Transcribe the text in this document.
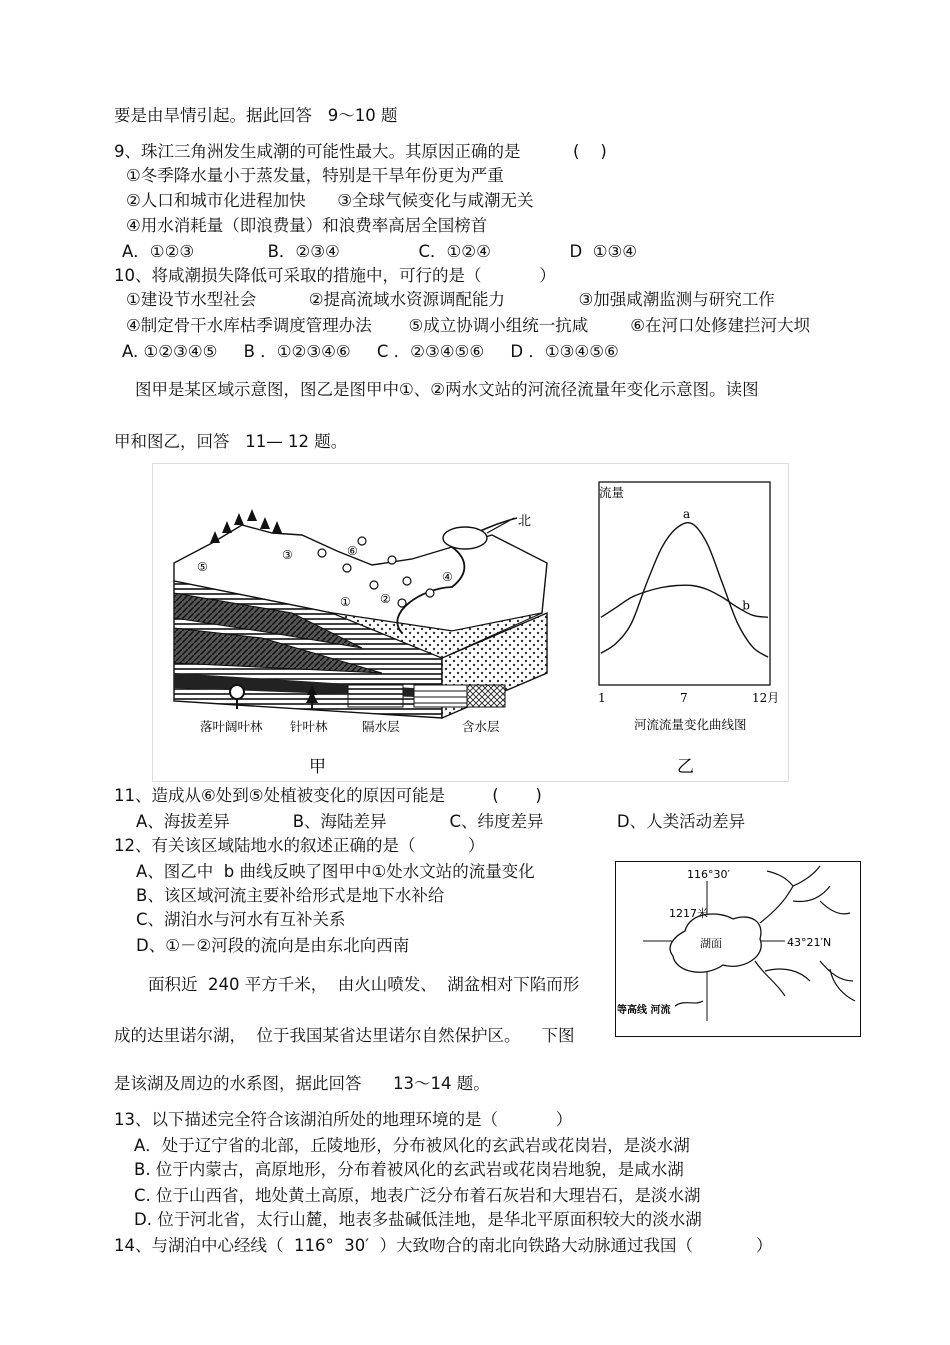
要是由旱情引起。据此回答   9～10 题
9、珠江三角洲发生咸潮的可能性最大。其原因正确的是          (    )
①冬季降水量小于蒸发量，特别是干旱年份更为严重
②人口和城市化进程加快      ③全球气候变化与咸潮无关
④用水消耗量（即浪费量）和浪费率高居全国榜首
A．①②③              B．②③④               C．①②④               D  ①③④
10、将咸潮损失降低可采取的措施中，可行的是（           ）
①建设节水型社会          ②提高流域水资源调配能力              ③加强咸潮监测与研究工作
④制定骨干水库枯季调度管理办法       ⑤成立协调小组统一抗咸        ⑥在河口处修建拦河大坝
A. ①②③④⑤     B ．①②③④⑥     C ．②③④⑤⑥     D ．①③④⑤⑥
图甲是某区域示意图，图乙是图甲中①、②两水文站的河流径流量年变化示意图。读图
甲和图乙，回答   11— 12 题。
北
① ②
③
④
⑤
⑥
落叶阔叶林 针叶林	隔水层	含水层
甲
流量
a
b
1	7	12月
河流流量变化曲线图
乙
11、造成从⑥处到⑤处植被变化的原因可能是         (       )
A、海拔差异            B、海陆差异            C、纬度差异              D、人类活动差异
12、有关该区域陆地水的叙述正确的是（          ）
A、图乙中  b 曲线反映了图甲中①处水文站的流量变化
B、该区域河流主要补给形式是地下水补给
C、湖泊水与河水有互补关系
D、①－②河段的流向是由东北向西南
面积近  240 平方千米，  由火山喷发、  湖盆相对下陷而形
成的达里诺尔湖，  位于我国某省达里诺尔自然保护区。    下图
是该湖及周边的水系图，据此回答      13～14 题。
116°30′
43°21′N
湖面
1217米
等高线 河流
13、以下描述完全符合该湖泊所处的地理环境的是（           ）
A．处于辽宁省的北部，丘陵地形，分布被风化的玄武岩或花岗岩，是淡水湖
B. 位于内蒙古，高原地形，分布着被风化的玄武岩或花岗岩地貌，是咸水湖
C. 位于山西省，地处黄土高原，地表广泛分布着石灰岩和大理岩石，是淡水湖
D. 位于河北省，太行山麓，地表多盐碱低洼地，是华北平原面积较大的淡水湖
14、与湖泊中心经线（  116°  30′  ）大致吻合的南北向铁路大动脉通过我国（            ）
